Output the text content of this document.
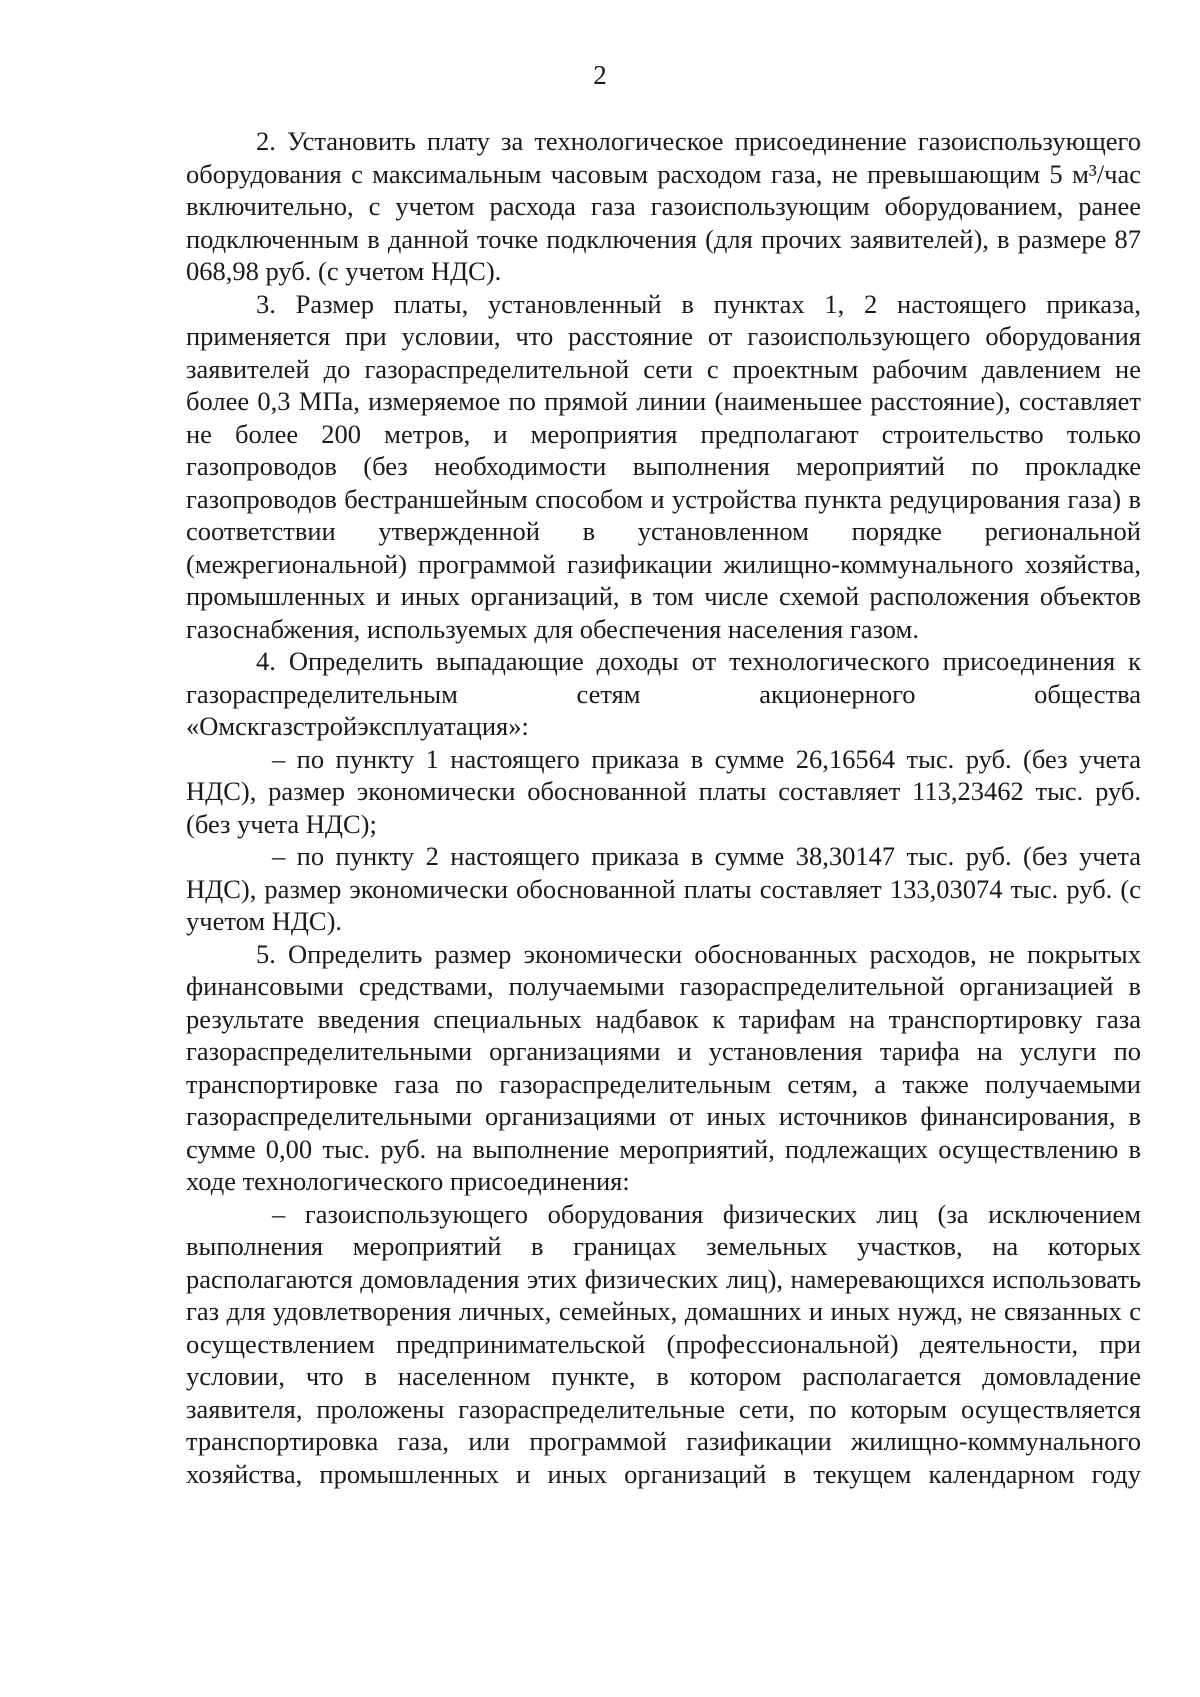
2

2. Установить плату за технологическое присоединение газоиспользующего оборудования с максимальным часовым расходом газа, не превышающим 5 м³/час включительно, с учетом расхода газа газоиспользующим оборудованием, ранее подключенным в данной точке подключения (для прочих заявителей), в размере 87 068,98 руб. (с учетом НДС).

3. Размер платы, установленный в пунктах 1, 2 настоящего приказа, применяется при условии, что расстояние от газоиспользующего оборудования заявителей до газораспределительной сети с проектным рабочим давлением не более 0,3 МПа, измеряемое по прямой линии (наименьшее расстояние), составляет не более 200 метров, и мероприятия предполагают строительство только газопроводов (без необходимости выполнения мероприятий по прокладке газопроводов бестраншейным способом и устройства пункта редуцирования газа) в соответствии утвержденной в установленном порядке региональной (межрегиональной) программой газификации жилищно-коммунального хозяйства, промышленных и иных организаций, в том числе схемой расположения объектов газоснабжения, используемых для обеспечения населения газом.

4. Определить выпадающие доходы от технологического присоединения к газораспределительным сетям акционерного общества «Омскгазстройэксплуатация»:

– по пункту 1 настоящего приказа в сумме 26,16564 тыс. руб. (без учета НДС), размер экономически обоснованной платы составляет 113,23462 тыс. руб. (без учета НДС);

– по пункту 2 настоящего приказа в сумме 38,30147 тыс. руб. (без учета НДС), размер экономически обоснованной платы составляет 133,03074 тыс. руб. (с учетом НДС).

5. Определить размер экономически обоснованных расходов, не покрытых финансовыми средствами, получаемыми газораспределительной организацией в результате введения специальных надбавок к тарифам на транспортировку газа газораспределительными организациями и установления тарифа на услуги по транспортировке газа по газораспределительным сетям, а также получаемыми газораспределительными организациями от иных источников финансирования, в сумме 0,00 тыс. руб. на выполнение мероприятий, подлежащих осуществлению в ходе технологического присоединения:

– газоиспользующего оборудования физических лиц (за исключением выполнения мероприятий в границах земельных участков, на которых располагаются домовладения этих физических лиц), намеревающихся использовать газ для удовлетворения личных, семейных, домашних и иных нужд, не связанных с осуществлением предпринимательской (профессиональной) деятельности, при условии, что в населенном пункте, в котором располагается домовладение заявителя, проложены газораспределительные сети, по которым осуществляется транспортировка газа, или программой газификации жилищно-коммунального хозяйства, промышленных и иных организаций в текущем календарном году
